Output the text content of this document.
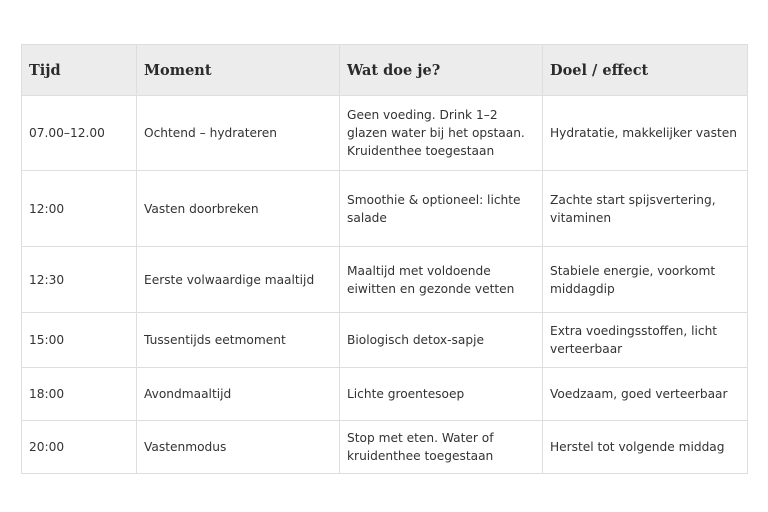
Tijd	Moment	Wat doe je?	Doel / effect
07.00–12.00	Ochtend – hydrateren	Geen voeding. Drink 1–2 glazen water bij het opstaan. Kruidenthee toegestaan	Hydratatie, makkelijker vasten
12:00	Vasten doorbreken	Smoothie & optioneel: lichte salade	Zachte start spijsvertering, vitaminen
12:30	Eerste volwaardige maaltijd	Maaltijd met voldoende eiwitten en gezonde vetten	Stabiele energie, voorkomt middagdip
15:00	Tussentijds eetmoment	Biologisch detox-sapje	Extra voedingsstoffen, licht verteerbaar
18:00	Avondmaaltijd	Lichte groentesoep	Voedzaam, goed verteerbaar
20:00	Vastenmodus	Stop met eten. Water of kruidenthee toegestaan	Herstel tot volgende middag
